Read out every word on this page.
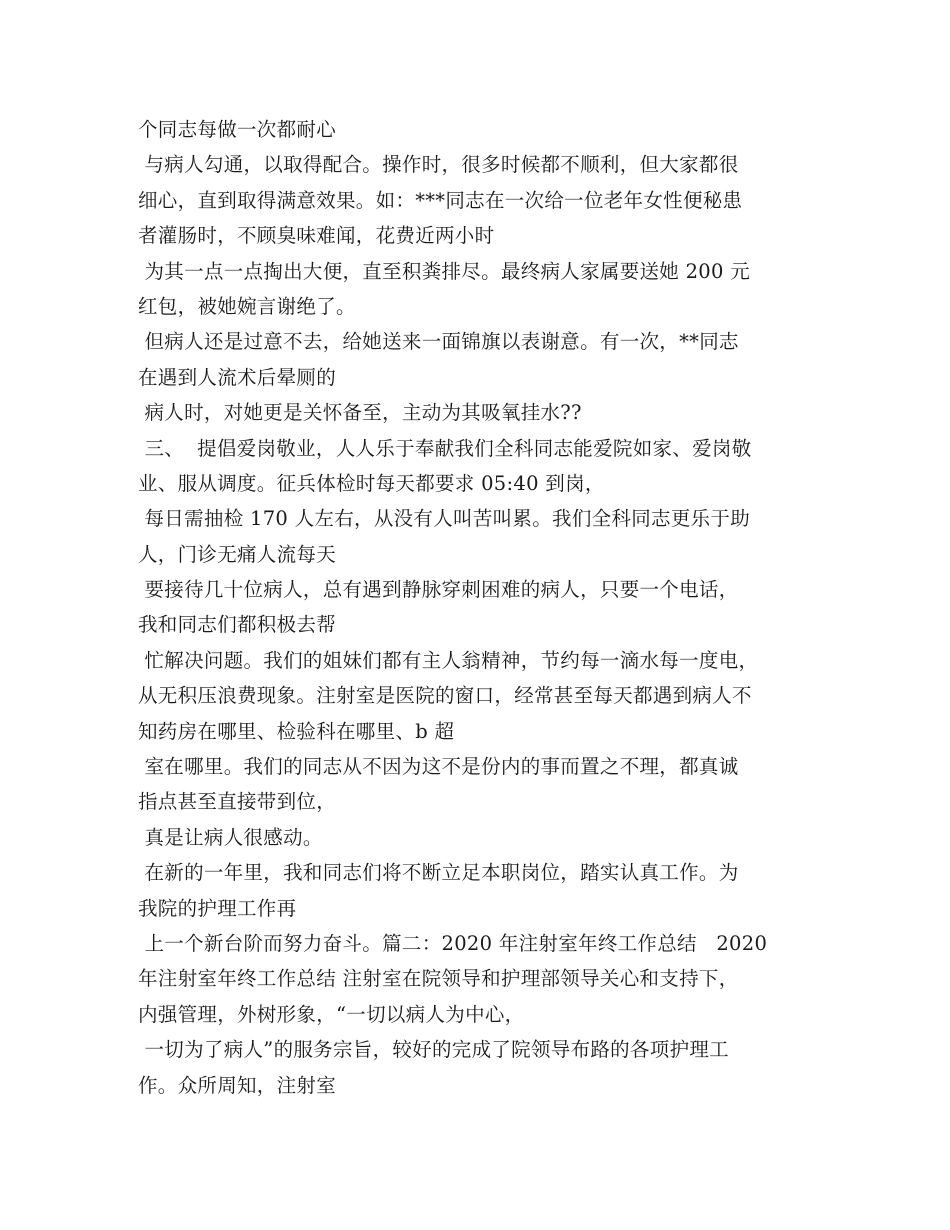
个同志每做一次都耐心
与病人勾通，以取得配合。操作时，很多时候都不顺利，但大家都很
细心，直到取得满意效果。如：***同志在一次给一位老年女性便秘患
者灌肠时，不顾臭味难闻，花费近两小时
为其一点一点掏出大便，直至积粪排尽。最终病人家属要送她 200 元
红包，被她婉言谢绝了。
但病人还是过意不去，给她送来一面锦旗以表谢意。有一次，**同志
在遇到人流术后晕厕的
病人时，对她更是关怀备至，主动为其吸氧挂水??
三、  提倡爱岗敬业，人人乐于奉献我们全科同志能爱院如家、爱岗敬
业、服从调度。征兵体检时每天都要求 05:40 到岗，
每日需抽检 170 人左右，从没有人叫苦叫累。我们全科同志更乐于助
人，门诊无痛人流每天
要接待几十位病人，总有遇到静脉穿刺困难的病人，只要一个电话，
我和同志们都积极去帮
忙解决问题。我们的姐妹们都有主人翁精神，节约每一滴水每一度电，
从无积压浪费现象。注射室是医院的窗口，经常甚至每天都遇到病人不
知药房在哪里、检验科在哪里、b 超
室在哪里。我们的同志从不因为这不是份内的事而置之不理，都真诚
指点甚至直接带到位，
真是让病人很感动。
在新的一年里，我和同志们将不断立足本职岗位，踏实认真工作。为
我院的护理工作再
上一个新台阶而努力奋斗。篇二：2020 年注射室年终工作总结   2020
年注射室年终工作总结 注射室在院领导和护理部领导关心和支持下，
内强管理，外树形象，“一切以病人为中心，
一切为了病人”的服务宗旨，较好的完成了院领导布路的各项护理工
作。众所周知，注射室
